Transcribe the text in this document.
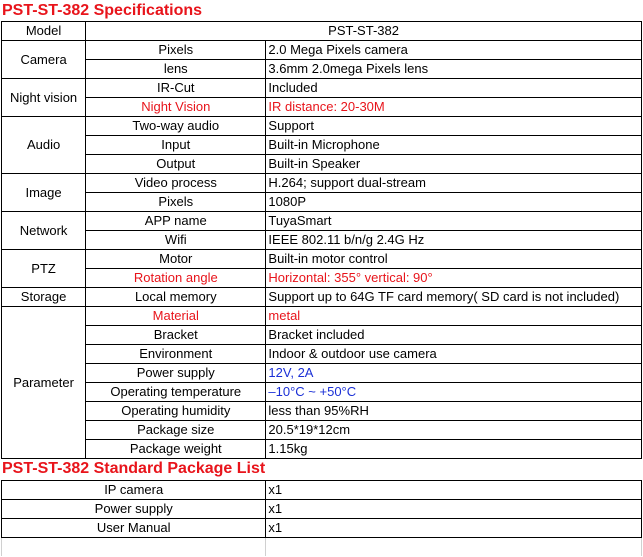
PST-ST-382 Specifications
Model	PST-ST-382	
Camera	Pixels	2.0 Mega Pixels camera
	lens	3.6mm 2.0mega Pixels lens
Night vision	IR-Cut	Included
	Night Vision	IR distance: 20-30M
Audio	Two-way audio	Support
	Input	Built-in Microphone
	Output	Built-in Speaker
Image	Video process	H.264; support dual-stream
	Pixels	1080P
Network	APP name	TuyaSmart
	Wifi	IEEE 802.11 b/n/g 2.4G Hz
PTZ	Motor	Built-in motor control
	Rotation angle	Horizontal: 355° vertical: 90°
Storage	Local memory	Support up to 64G TF card memory( SD card is not included)
Parameter	Material	metal
	Bracket	Bracket included
	Environment	Indoor & outdoor use camera
	Power supply	12V, 2A
	Operating temperature	–10°C ~ +50°C
	Operating humidity	less than 95%RH
	Package size	20.5*19*12cm
	Package weight	1.15kg
PST-ST-382 Standard Package List
IP camera	x1
Power supply	x1
User Manual	x1
